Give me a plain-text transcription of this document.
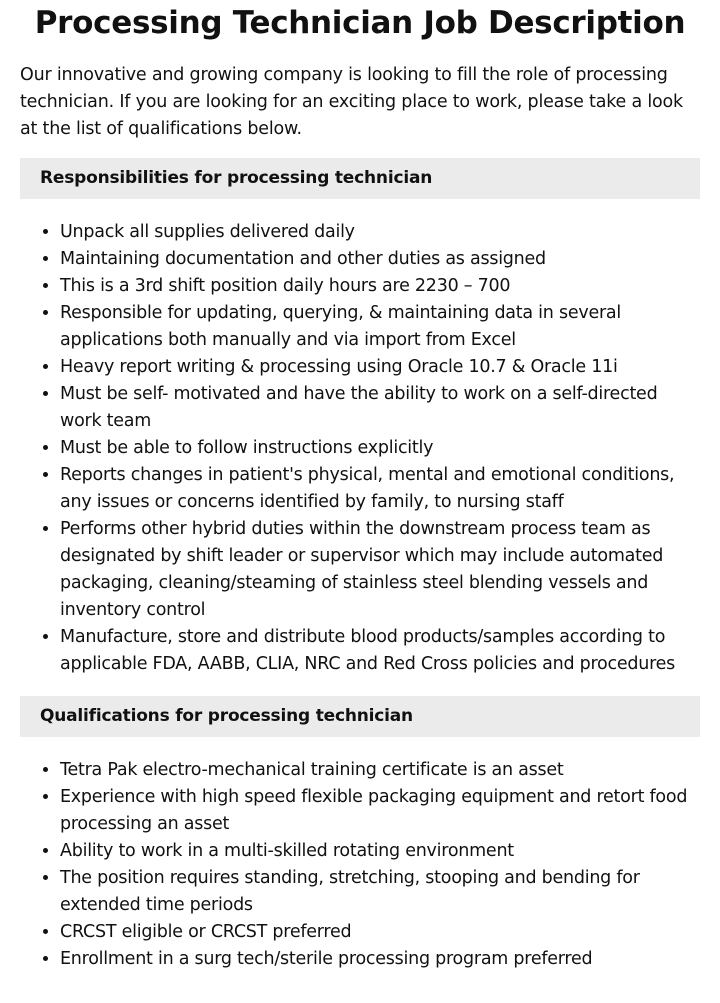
Processing Technician Job Description

Our innovative and growing company is looking to fill the role of processing technician. If you are looking for an exciting place to work, please take a look at the list of qualifications below.

Responsibilities for processing technician
• Unpack all supplies delivered daily
• Maintaining documentation and other duties as assigned
• This is a 3rd shift position daily hours are 2230 – 700
• Responsible for updating, querying, & maintaining data in several applications both manually and via import from Excel
• Heavy report writing & processing using Oracle 10.7 & Oracle 11i
• Must be self- motivated and have the ability to work on a self-directed work team
• Must be able to follow instructions explicitly
• Reports changes in patient's physical, mental and emotional conditions, any issues or concerns identified by family, to nursing staff
• Performs other hybrid duties within the downstream process team as designated by shift leader or supervisor which may include automated packaging, cleaning/steaming of stainless steel blending vessels and inventory control
• Manufacture, store and distribute blood products/samples according to applicable FDA, AABB, CLIA, NRC and Red Cross policies and procedures
Qualifications for processing technician
• Tetra Pak electro-mechanical training certificate is an asset
• Experience with high speed flexible packaging equipment and retort food processing an asset
• Ability to work in a multi-skilled rotating environment
• The position requires standing, stretching, stooping and bending for extended time periods
• CRCST eligible or CRCST preferred
• Enrollment in a surg tech/sterile processing program preferred
